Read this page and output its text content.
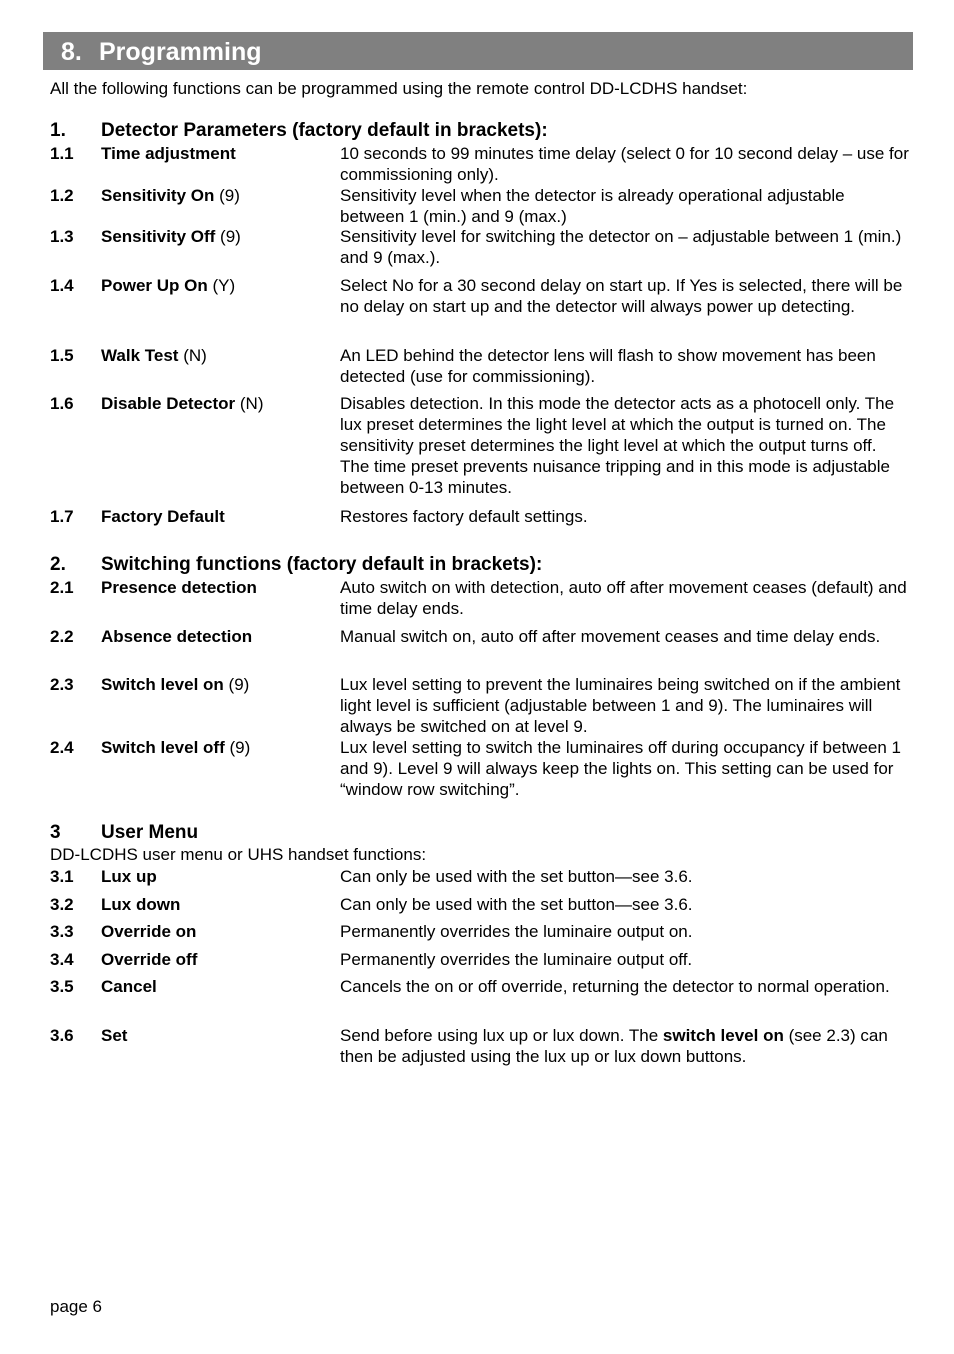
8. Programming
All the following functions can be programmed using the remote control DD-LCDHS handset:
1. Detector Parameters (factory default in brackets):
1.1 Time adjustment	10 seconds to 99 minutes time delay (select 0 for 10 second delay – use for commissioning only).
1.2 Sensitivity On (9)	Sensitivity level when the detector is already operational adjustable between 1 (min.) and 9 (max.)
1.3 Sensitivity Off (9)	Sensitivity level for switching the detector on – adjustable between 1 (min.) and 9 (max.).
1.4 Power Up On (Y)	Select No for a 30 second delay on start up. If Yes is selected, there will be no delay on start up and the detector will always power up detecting.
1.5 Walk Test (N)	An LED behind the detector lens will flash to show movement has been detected (use for commissioning).
1.6 Disable Detector (N)	Disables detection. In this mode the detector acts as a photocell only. The lux preset determines the light level at which the output is turned on. The sensitivity preset determines the light level at which the output turns off. The time preset prevents nuisance tripping and in this mode is adjustable between 0-13 minutes.
1.7 Factory Default	Restores factory default settings.
2. Switching functions (factory default in brackets):
2.1 Presence detection	Auto switch on with detection, auto off after movement ceases (default) and time delay ends.
2.2 Absence detection	Manual switch on, auto off after movement ceases and time delay ends.
2.3 Switch level on (9)	Lux level setting to prevent the luminaires being switched on if the ambient light level is sufficient (adjustable between 1 and 9). The luminaires will always be switched on at level 9.
2.4 Switch level off (9)	Lux level setting to switch the luminaires off during occupancy if between 1 and 9). Level 9 will always keep the lights on. This setting can be used for “window row switching”.
3 User Menu
DD-LCDHS user menu or UHS handset functions:
3.1 Lux up	Can only be used with the set button—see 3.6.
3.2 Lux down	Can only be used with the set button—see 3.6.
3.3 Override on	Permanently overrides the luminaire output on.
3.4 Override off	Permanently overrides the luminaire output off.
3.5 Cancel	Cancels the on or off override, returning the detector to normal operation.
3.6 Set	Send before using lux up or lux down. The switch level on (see 2.3) can then be adjusted using the lux up or lux down buttons.
page 6
